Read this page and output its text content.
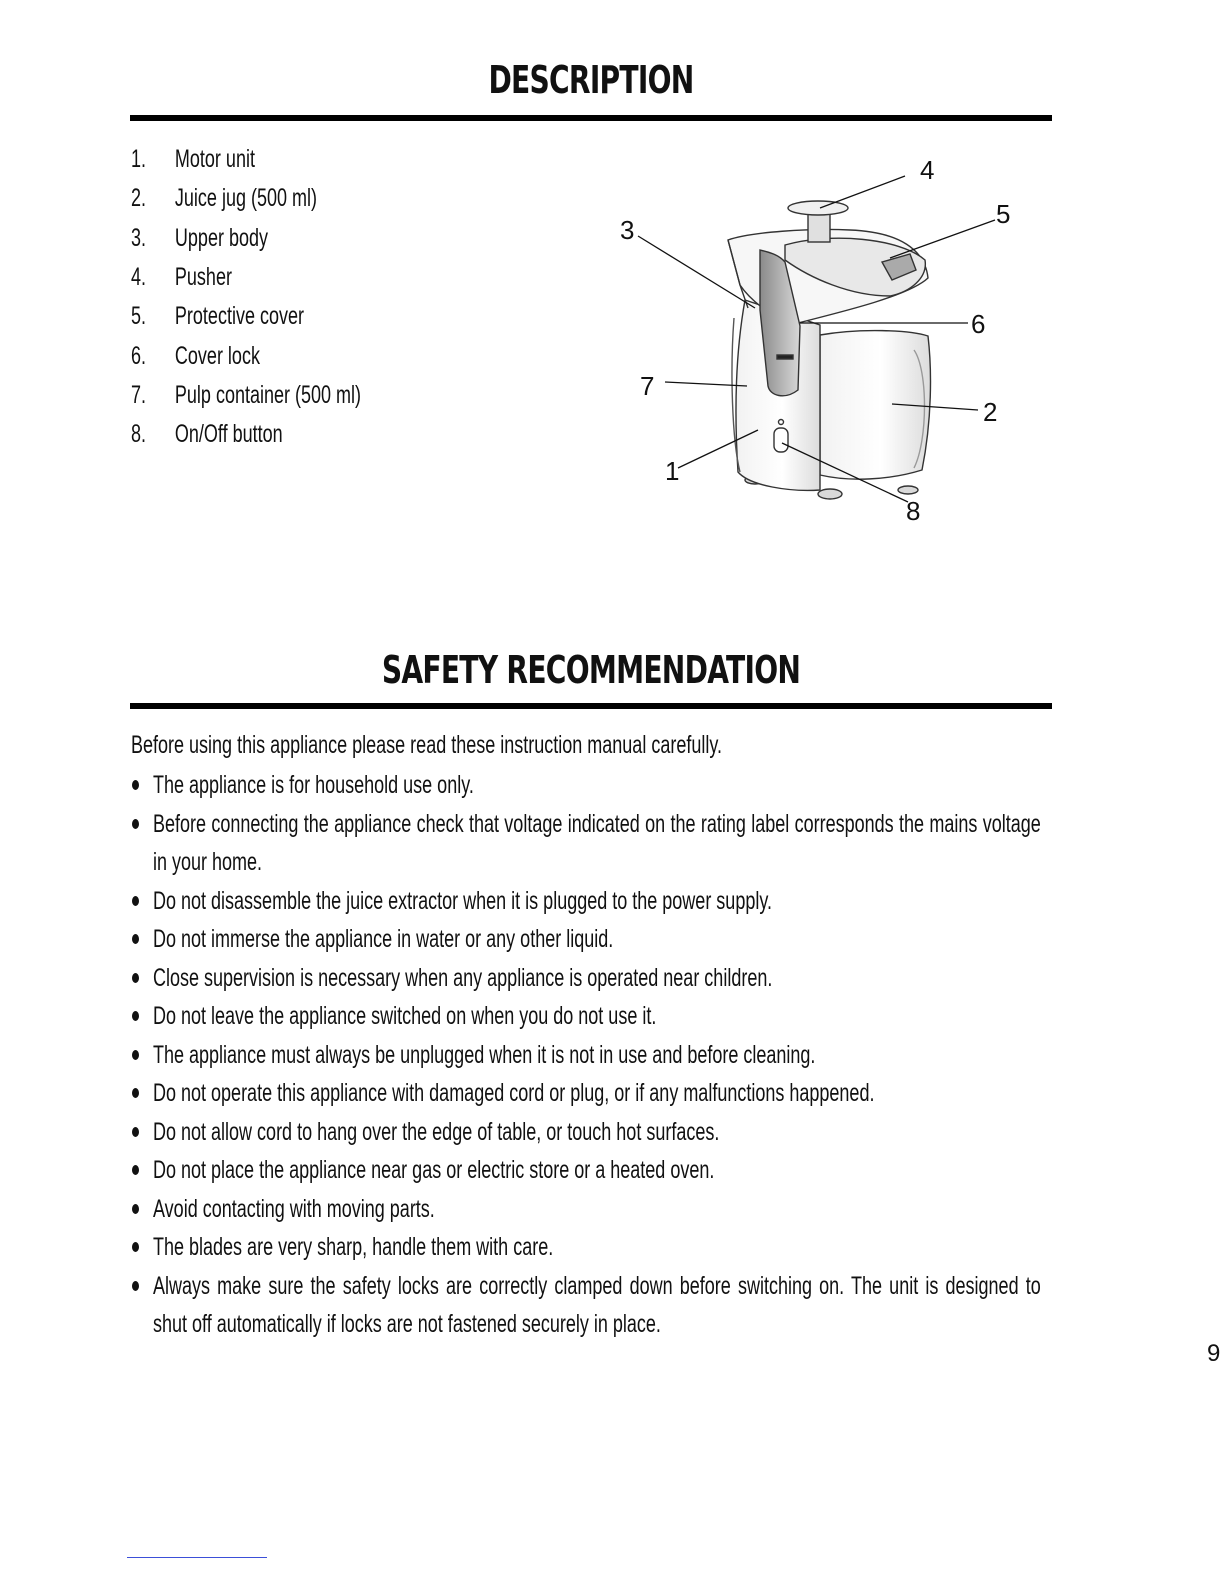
DESCRIPTION
1.	Motor unit
2.	Juice jug (500 ml)
3.	Upper body
4.	Pusher
5.	Protective cover
6.	Cover lock
7.	Pulp container (500 ml)
8.	On/Off button
1
2
3
4
5
6
7
8
SAFETY RECOMMENDATION
Before using this appliance please read these instruction manual carefully.
The appliance is for household use only.
Before connecting the appliance check that voltage indicated on the rating label corresponds the mains voltage in your home.
Do not disassemble the juice extractor when it is plugged to the power supply.
Do not immerse the appliance in water or any other liquid.
Close supervision is necessary when any appliance is operated near children.
Do not leave the appliance switched on when you do not use it.
The appliance must always be unplugged when it is not in use and before cleaning.
Do not operate this appliance with damaged cord or plug, or if any malfunctions happened.
Do not allow cord to hang over the edge of table, or touch hot surfaces.
Do not place the appliance near gas or electric store or a heated oven.
Avoid contacting with moving parts.
The blades are very sharp, handle them with care.
Always make sure the safety locks are correctly clamped down before switching on. The unit is designed to shut off automatically if locks are not fastened securely in place.
9
